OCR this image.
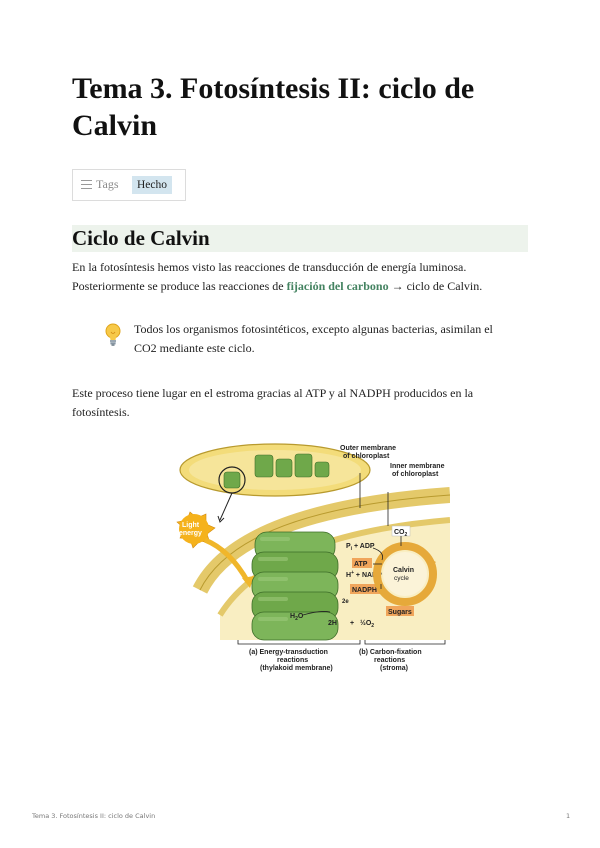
Tema 3. Fotosíntesis II: ciclo de Calvin
Tags	Hecho
Ciclo de Calvin

En la fotosíntesis hemos visto las reacciones de transducción de energía luminosa. Posteriormente se produce las reacciones de fijación del carbono → ciclo de Calvin.

Todos los organismos fotosintéticos, excepto algunas bacterias, asimilan el CO2 mediante este ciclo.

Este proceso tiene lugar en el estroma gracias al ATP y al NADPH producidos en la fotosíntesis.

Outer membrane
of chloroplast
Inner membrane
of chloroplast
Light
energy
$P_i$ + ADP
ATP
H+ + NADP
NADPH
2e
$H_2O$
$2H + \frac{1}{2}O_2$
Calvin
cycle
$CO_2$
Sugars
(a) Energy-transduction
reactions
(thylakoid membrane)
(b) Carbon-fixation
reactions
(stroma)
Tema 3. Fotosíntesis II: ciclo de Calvin	1
